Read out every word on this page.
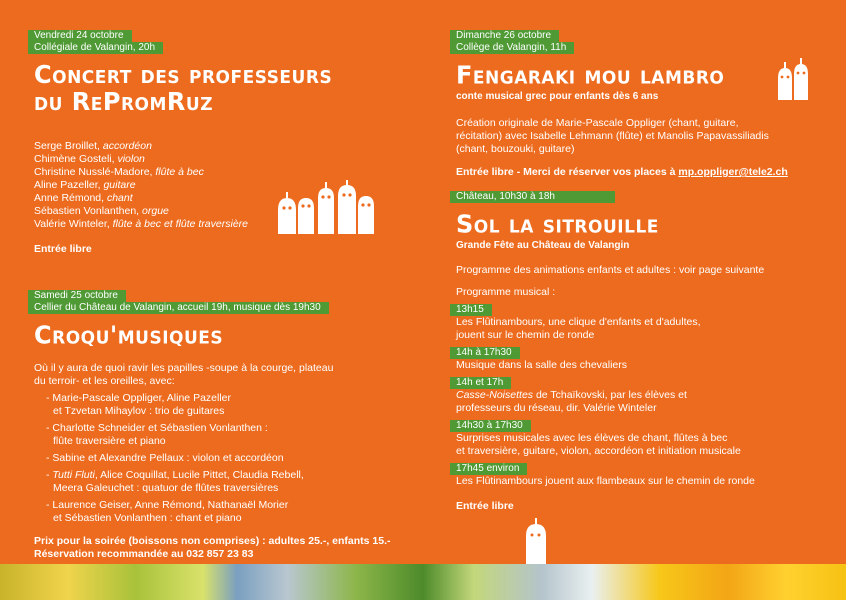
Vendredi 24 octobre
Collégiale de Valangin, 20h
Concert des professeurs
du RePromRuz

Serge Broillet, accordéon

Chimène Gosteli, violon

Christine Nusslé-Madore, flûte à bec

Aline Pazeller, guitare

Anne Rémond, chant

Sébastien Vonlanthen, orgue

Valérie Winteler, flûte à bec et flûte traversière

Entrée libre

Samedi 25 octobre
Cellier du Château de Valangin, accueil 19h, musique dès 19h30
Croqu'musiques

Où il y aura de quoi ravir les papilles -soupe à la courge, plateau

du terroir- et les oreilles, avec:

- Marie-Pascale Oppliger, Aline Pazeller
et Tzvetan Mihaylov : trio de guitares
- Charlotte Schneider et Sébastien Vonlanthen :
flûte traversière et piano
- Sabine et Alexandre Pellaux : violon et accordéon
- Tutti Fluti, Alice Coquillat, Lucile Pittet, Claudia Rebell,
Meera Galeuchet : quatuor de flûtes traversières
- Laurence Geiser, Anne Rémond, Nathanaël Morier
et Sébastien Vonlanthen : chant et piano

Prix pour la soirée (boissons non comprises) : adultes 25.-, enfants 15.-

Réservation recommandée au 032 857 23 83

Dimanche 26 octobre
Collège de Valangin, 11h
Fengaraki mou lambro

conte musical grec pour enfants dès 6 ans

Création originale de Marie-Pascale Oppliger (chant, guitare,

récitation) avec Isabelle Lehmann (flûte) et Manolis Papavassiliadis

(chant, bouzouki, guitare)

Entrée libre - Merci de réserver vos places à mp.oppliger@tele2.ch

Château, 10h30 à 18h
Sol la sitrouille

Grande Fête au Château de Valangin

Programme des animations enfants et adultes : voir page suivante

Programme musical :

13h15

Les Flûtinambours, une clique d'enfants et d'adultes,

jouent sur le chemin de ronde

14h à 17h30

Musique dans la salle des chevaliers

14h et 17h

Casse-Noisettes de Tchaïkovski, par les élèves et

professeurs du réseau, dir. Valérie Winteler

14h30 à 17h30

Surprises musicales avec les élèves de chant, flûtes à bec

et traversière, guitare, violon, accordéon et initiation musicale

17h45 environ

Les Flûtinambours jouent aux flambeaux sur le chemin de ronde

Entrée libre
